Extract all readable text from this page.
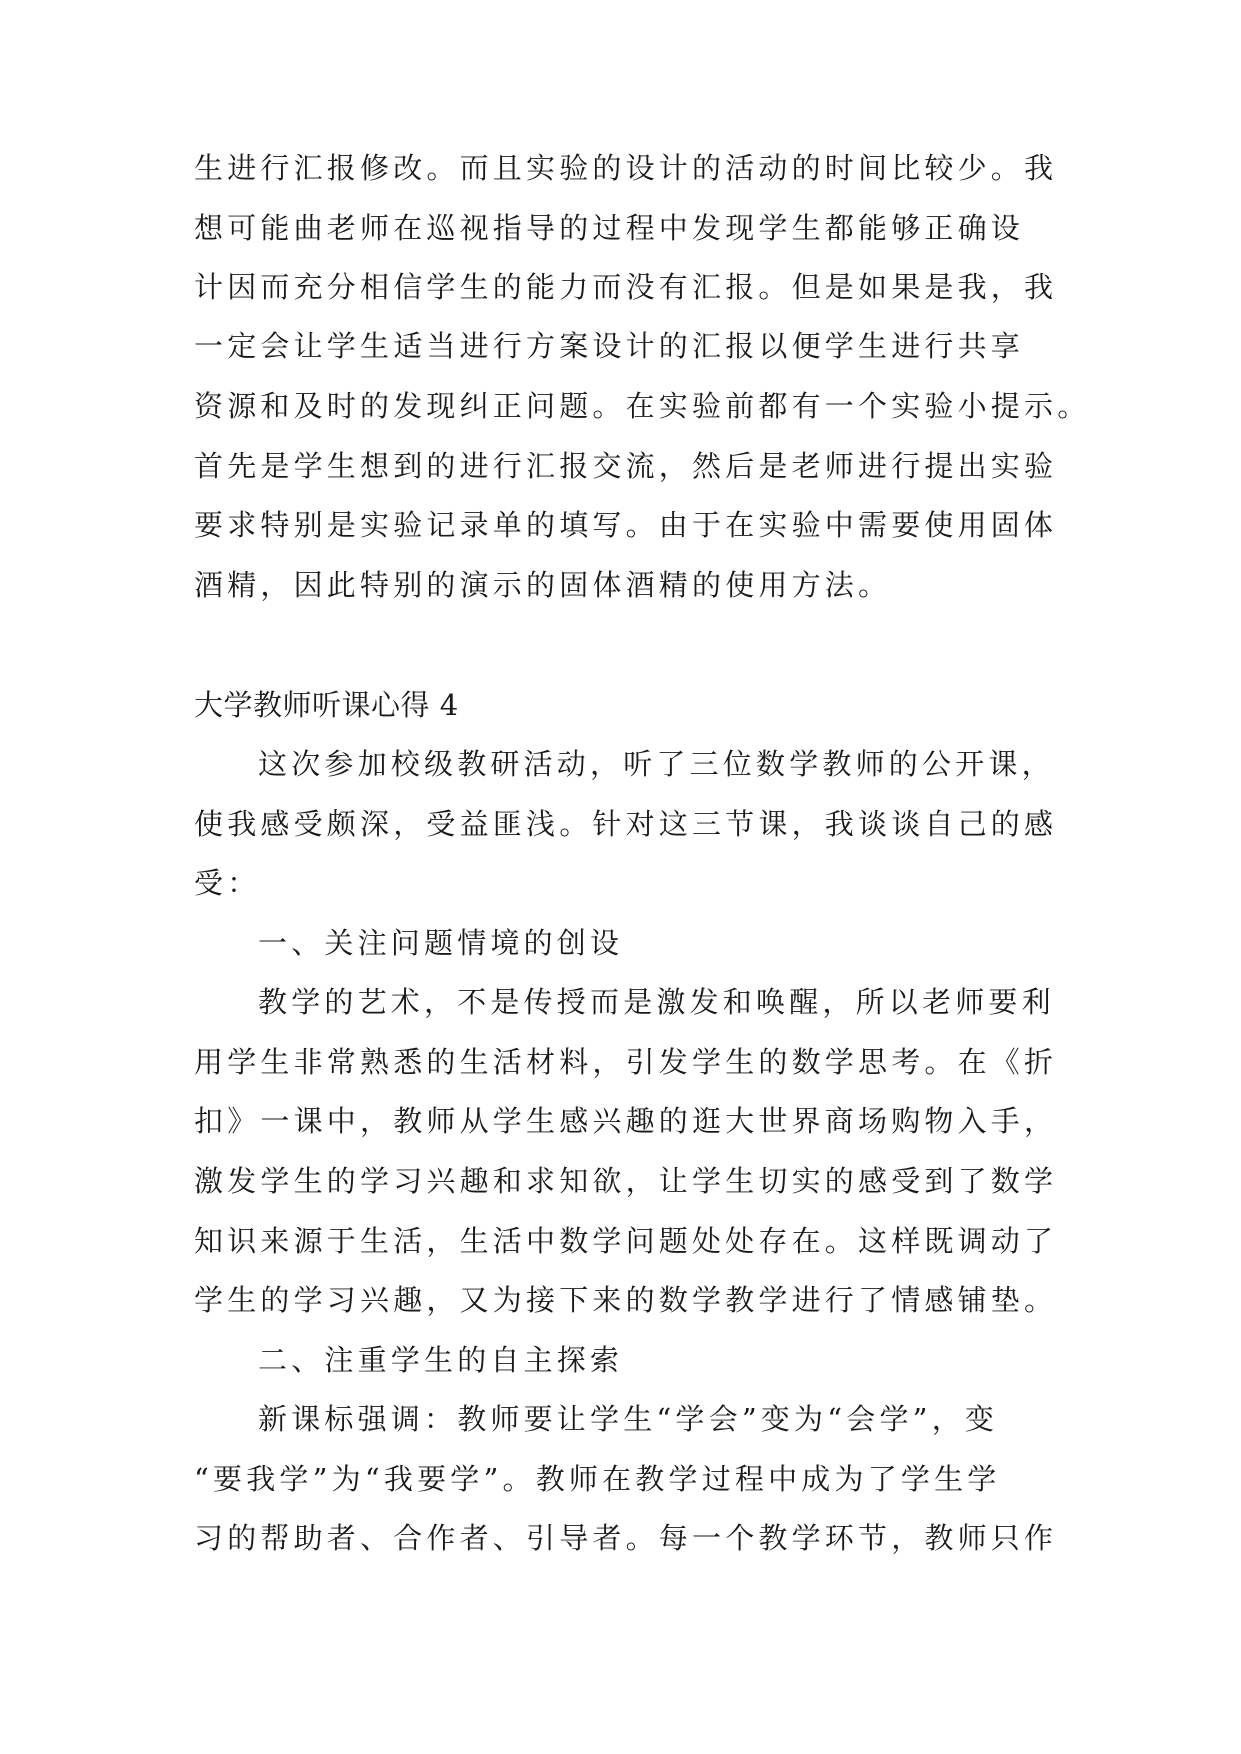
生进行汇报修改。而且实验的设计的活动的时间比较少。我
想可能曲老师在巡视指导的过程中发现学生都能够正确设
计因而充分相信学生的能力而没有汇报。但是如果是我，我
一定会让学生适当进行方案设计的汇报以便学生进行共享
资源和及时的发现纠正问题。在实验前都有一个实验小提示。
首先是学生想到的进行汇报交流，然后是老师进行提出实验
要求特别是实验记录单的填写。由于在实验中需要使用固体
酒精，因此特别的演示的固体酒精的使用方法。
大学教师听课心得 4
这次参加校级教研活动，听了三位数学教师的公开课，
使我感受颇深，受益匪浅。针对这三节课，我谈谈自己的感
受：
一、关注问题情境的创设
教学的艺术，不是传授而是激发和唤醒，所以老师要利
用学生非常熟悉的生活材料，引发学生的数学思考。在《折
扣》一课中，教师从学生感兴趣的逛大世界商场购物入手，
激发学生的学习兴趣和求知欲，让学生切实的感受到了数学
知识来源于生活，生活中数学问题处处存在。这样既调动了
学生的学习兴趣，又为接下来的数学教学进行了情感铺垫。
二、注重学生的自主探索
新课标强调：教师要让学生“学会”变为“会学”，变
“要我学”为“我要学”。教师在教学过程中成为了学生学
习的帮助者、合作者、引导者。每一个教学环节，教师只作
